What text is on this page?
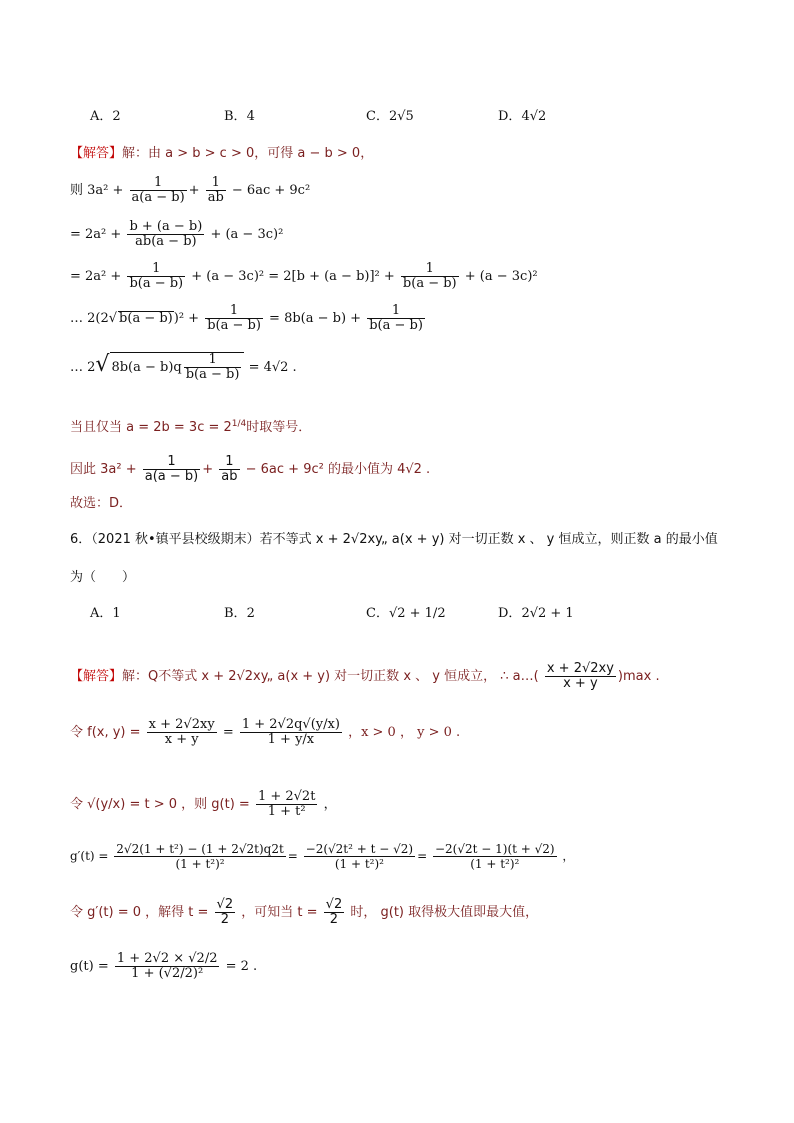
A．2	B．4	C．2√5	D．4√2
【解答】解：由 a > b > c > 0，可得 a − b > 0，
则 $3a^2 + \frac{1}{a(a - b)} + \frac{1}{ab} - 6ac + 9c^2$
= $2a^2 + \frac{b + (a - b)}{ab(a - b)} + (a - 3c)^2$
= $2a^2 + \frac{1}{b(a - b)} + (a - 3c)^2 = 2[b + (a - b)]^2 + \frac{1}{b(a - b)} + (a - 3c)^2$
… 2(2 √ $b(a - b))^2 + \frac{1}{b(a - b)} = 8b(a - b) + \frac{1}{b(a - b)}$
… 2 √ $8b(a - b)q \frac{1}{b(a - b)} = 4√2$ .
当且仅当 $a = 2b = 3c = 2^{1/4}$时取等号．
因此 $3a^2 + \frac{1}{a(a - b)} + \frac{1}{ab} - 6ac + 9c^2$ 的最小值为 4√2 .
故选：D．
6．（2021 秋•镇平县校级期末）若不等式 x + 2√2xy„ a(x + y) 对一切正数 x 、 y 恒成立，则正数 a 的最小值
为（　　）
A．1	B．2	C．√2 + 1/2	D．2√2 + 1
【解答】解：Q不等式 x + 2√2xy„ a(x + y) 对一切正数 x 、 y 恒成立， ∴ a…( $\frac{x + 2√2xy}{x + y} )\max$ .
令 f(x, $y) = \frac{x + 2√2xy}{x + y} = \frac{1 + 2√2q√(y/x)}{1 + y/x}$ ，x > 0 ， y > 0 .
令 √(y/x) = t > 0 ，则 $g(t) = \frac{1 + 2√2t}{\text{1 + t²}}$ ，
$g'(t) = \frac{\text{2√2(1 + t²) − (1 + 2√2t)q2t}}{\text{(1 + t²)²}} = \frac{\text{−2(√2t² + t − √2)}}{\text{(1 + t²)²}} = \frac{-2(√2t - 1)(t + √2)}{\text{(1 + t²)²}}$ ，
令 g′(t) = 0 ，解得 $t = \frac{√2}{2}$ ，可知当 $t = \frac{√2}{2}$ 时， g(t) 取得极大值即最大值，
$g(t) = \frac{1 + 2√2 \times √2/2}{\text{1 + (√2/2)²}} = 2$ .
